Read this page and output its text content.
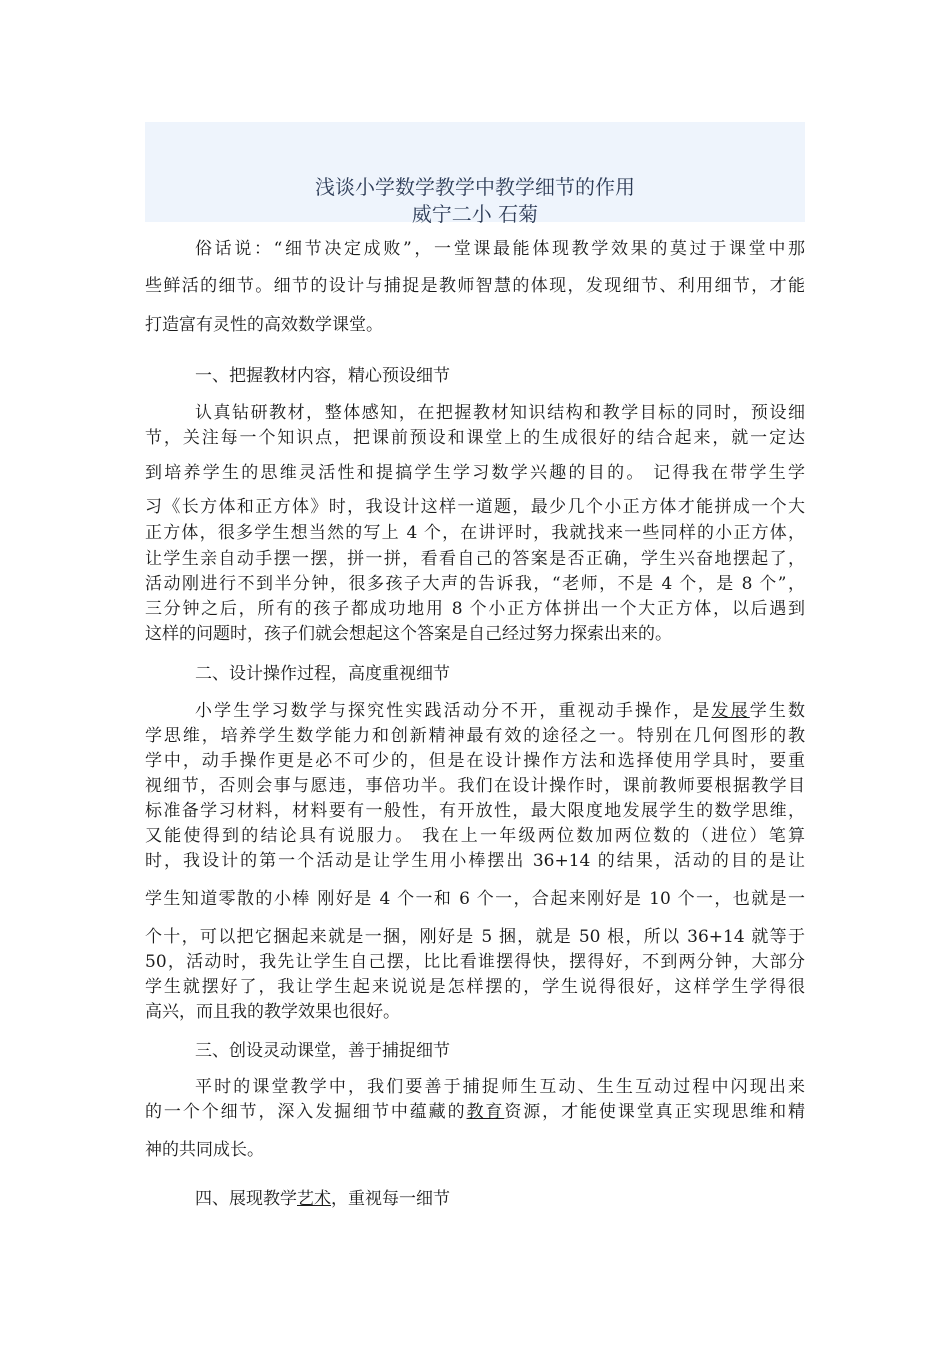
浅谈小学数学教学中教学细节的作用
威宁二小 石菊
俗话说：“细节决定成败”，一堂课最能体现教学效果的莫过于课堂中那
些鲜活的细节。细节的设计与捕捉是教师智慧的体现，发现细节、利用细节，才能
打造富有灵性的高效数学课堂。
一、把握教材内容，精心预设细节
认真钻研教材，整体感知，在把握教材知识结构和教学目标的同时，预设细
节，关注每一个知识点，把课前预设和课堂上的生成很好的结合起来，就一定达
到培养学生的思维灵活性和提搞学生学习数学兴趣的目的。 记得我在带学生学
习《长方体和正方体》时，我设计这样一道题，最少几个小正方体才能拼成一个大
正方体，很多学生想当然的写上 4 个，在讲评时，我就找来一些同样的小正方体，
让学生亲自动手摆一摆，拼一拼，看看自己的答案是否正确，学生兴奋地摆起了，
活动刚进行不到半分钟，很多孩子大声的告诉我，“老师，不是 4 个，是 8 个”，
三分钟之后，所有的孩子都成功地用 8 个小正方体拼出一个大正方体，以后遇到
这样的问题时，孩子们就会想起这个答案是自己经过努力探索出来的。
二、设计操作过程，高度重视细节
小学生学习数学与探究性实践活动分不开，重视动手操作，是发展学生数
学思维，培养学生数学能力和创新精神最有效的途径之一。特别在几何图形的教
学中，动手操作更是必不可少的，但是在设计操作方法和选择使用学具时，要重
视细节，否则会事与愿违，事倍功半。我们在设计操作时，课前教师要根据教学目
标准备学习材料，材料要有一般性，有开放性，最大限度地发展学生的数学思维，
又能使得到的结论具有说服力。 我在上一年级两位数加两位数的（进位）笔算
时，我设计的第一个活动是让学生用小棒摆出 36+14 的结果，活动的目的是让
学生知道零散的小棒 刚好是 4 个一和 6 个一，合起来刚好是 10 个一，也就是一
个十，可以把它捆起来就是一捆，刚好是 5 捆，就是 50 根，所以 36+14 就等于
50，活动时，我先让学生自己摆，比比看谁摆得快，摆得好，不到两分钟，大部分
学生就摆好了，我让学生起来说说是怎样摆的，学生说得很好，这样学生学得很
高兴，而且我的教学效果也很好。
三、创设灵动课堂，善于捕捉细节
平时的课堂教学中，我们要善于捕捉师生互动、生生互动过程中闪现出来
的一个个细节，深入发掘细节中蕴藏的教育资源，才能使课堂真正实现思维和精
神的共同成长。
四、展现教学艺术，重视每一细节
